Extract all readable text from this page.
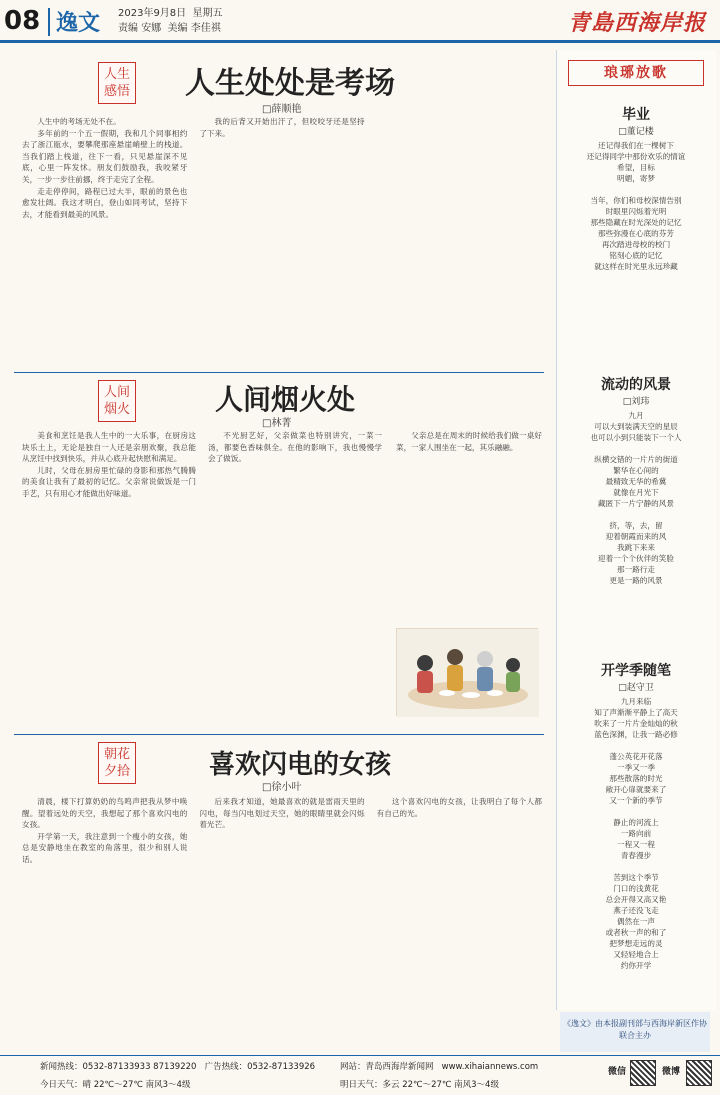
08 逸文 2023年9月8日 星期五
责编 安娜 美编 李佳祺	青島西海岸报
人生感悟	人生处处是考场
□薛顺艳

人生中的考场无处不在。

多年前的一个五一假期，我和几个同事相约去了浙江瓯水，要攀爬那座悬崖峭壁上的栈道。当我们踏上栈道，往下一看，只见悬崖深不见底，心里一阵发怵。朋友们鼓励我，我咬紧牙关，一步一步往前挪，终于走完了全程。

走走停停间，路程已过大半，眼前的景色也愈发壮阔。我这才明白，登山如同考试，坚持下去，才能看到最美的风景。

我的后背又开始出汗了，但咬咬牙还是坚持了下来。

人间烟火	人间烟火处
□林菁

美食和烹饪是我人生中的一大乐事，在厨房这块乐土上，无论是独自一人还是亲朋欢聚，我总能从烹饪中找到快乐，并从心底升起快慰和满足。

儿时，父母在厨房里忙碌的身影和那热气腾腾的美食让我有了最初的记忆。父亲常说做饭是一门手艺，只有用心才能做出好味道。

不光厨艺好，父亲做菜也特别讲究，一菜一汤，都要色香味俱全。在他的影响下，我也慢慢学会了做饭。

父亲总是在周末的时候给我们做一桌好菜，一家人围坐在一起，其乐融融。

朝花夕拾	喜欢闪电的女孩
□徐小叶

清晨，楼下打算奶奶的鸟鸣声把我从梦中唤醒。望着远处的天空，我想起了那个喜欢闪电的女孩。

开学第一天，我注意到一个瘦小的女孩，她总是安静地坐在教室的角落里，很少和别人说话。

后来我才知道，她最喜欢的就是雷雨天里的闪电，每当闪电划过天空，她的眼睛里就会闪烁着光芒。

这个喜欢闪电的女孩，让我明白了每个人都有自己的光。

琅琊放歌
毕业
□董记楼
还记得我们在一棵树下
还记得同学中那份欢乐的情谊
希望，目标
明媚，寄梦

当年，你们和母校深情告别
时眼里闪烁着光明
那些隐藏在时光深处的记忆
那些弥漫在心底的芬芳
再次踏进母校的校门
铭刻心底的记忆
就这样在时光里永远珍藏
流动的风景
□刘玮
九月
可以大到装满天空的星辰
也可以小到只能装下一个人

纵横交错的一片片的街道
繁华在心间的
最精致无华的希冀
就像在月光下
藏匿下一片宁静的风景

挤，等，去，留
迎着朝霞而来的风
我跳下来来
迎着一个个伙伴的笑脸
那一路行走
更是一路的风景
开学季随笔
□赵守卫
九月来临
知了声渐渐平静上了高天
吹来了一片片金灿灿的秋
蓝色深渊，让我一路必修

蓬公英花开花落
一季又一季
那些散落的时光
敞开心扉就要来了
又一个新的季节

静止的河流上
一路向前
一程又一程
青春漫步

苦到这个季节
门口的浅黄花
总会开得又高又艳
燕子还没飞走
偶然在一声
或者秋一声的和了
把梦想走远的灵
又轻轻地合上
约你开学
《逸文》由本报副刊部与西海岸新区作协联合主办
新闻热线：0532-87133933 87139220 广告热线：0532-87133926
今日天气：晴 22℃～27℃ 南风3～4级
网站：青岛西海岸新闻网 www.xihaiannews.com
明日天气：多云 22℃～27℃ 南风3～4级
微信	微博
